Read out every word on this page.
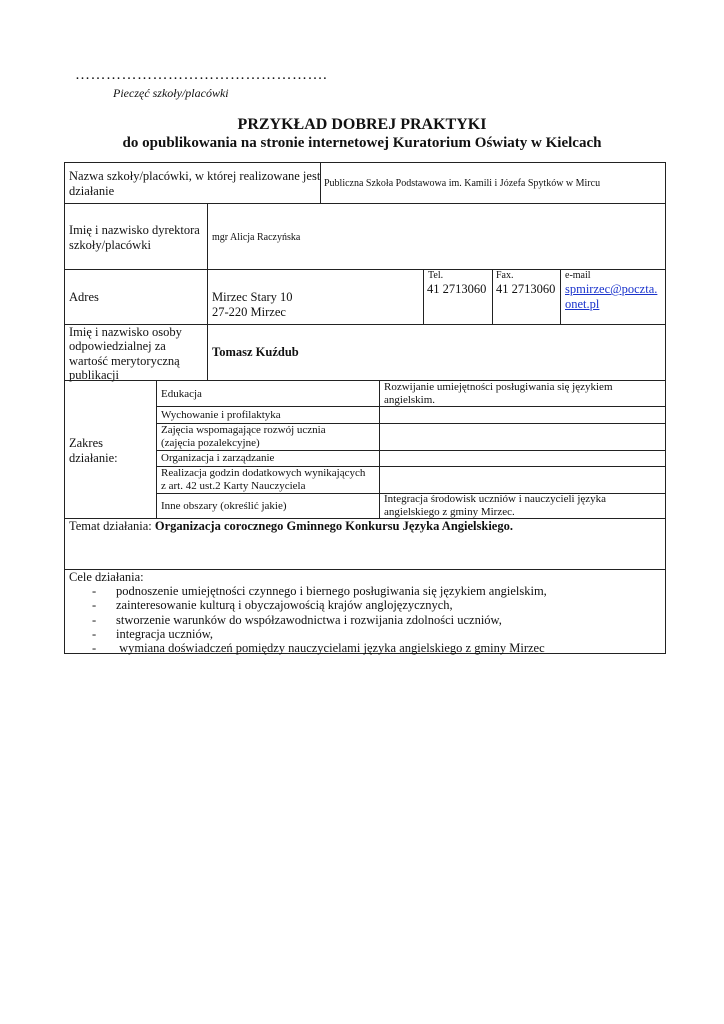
………………………………………….
Pieczęć szkoły/placówki
PRZYKŁAD DOBREJ PRAKTYKI
do opublikowania na stronie internetowej Kuratorium Oświaty w Kielcach
Nazwa szkoły/placówki, w której realizowane jest
działanie
Publiczna Szkoła Podstawowa im. Kamili i Józefa Spytków w Mircu
Imię i nazwisko dyrektora
szkoły/placówki
mgr Alicja Raczyńska
Adres	Mirzec Stary 10
27-220 Mirzec
Tel.
41 2713060
Fax.
41 2713060
e-mail
spmirzec@poczta.
onet.pl
Imię i nazwisko osoby
odpowiedzialnej za
wartość merytoryczną
publikacji
Tomasz Kuźdub
Zakres
działanie:
Edukacja
Rozwijanie umiejętności posługiwania się językiem
angielskim.
Wychowanie i profilaktyka
Zajęcia wspomagające rozwój ucznia
(zajęcia pozalekcyjne)
Organizacja i zarządzanie
Realizacja godzin dodatkowych wynikających
z art. 42 ust.2 Karty Nauczyciela
Inne obszary (określić jakie)
Integracja środowisk uczniów i nauczycieli języka
angielskiego z gminy Mirzec.
Temat działania: Organizacja corocznego Gminnego Konkursu Języka Angielskiego.
Cele działania:
- podnoszenie umiejętności czynnego i biernego posługiwania się językiem angielskim,
- zainteresowanie kulturą i obyczajowością krajów anglojęzycznych,
- stworzenie warunków do współzawodnictwa i rozwijania zdolności uczniów,
- integracja uczniów,
-  wymiana doświadczeń pomiędzy nauczycielami języka angielskiego z gminy Mirzec
